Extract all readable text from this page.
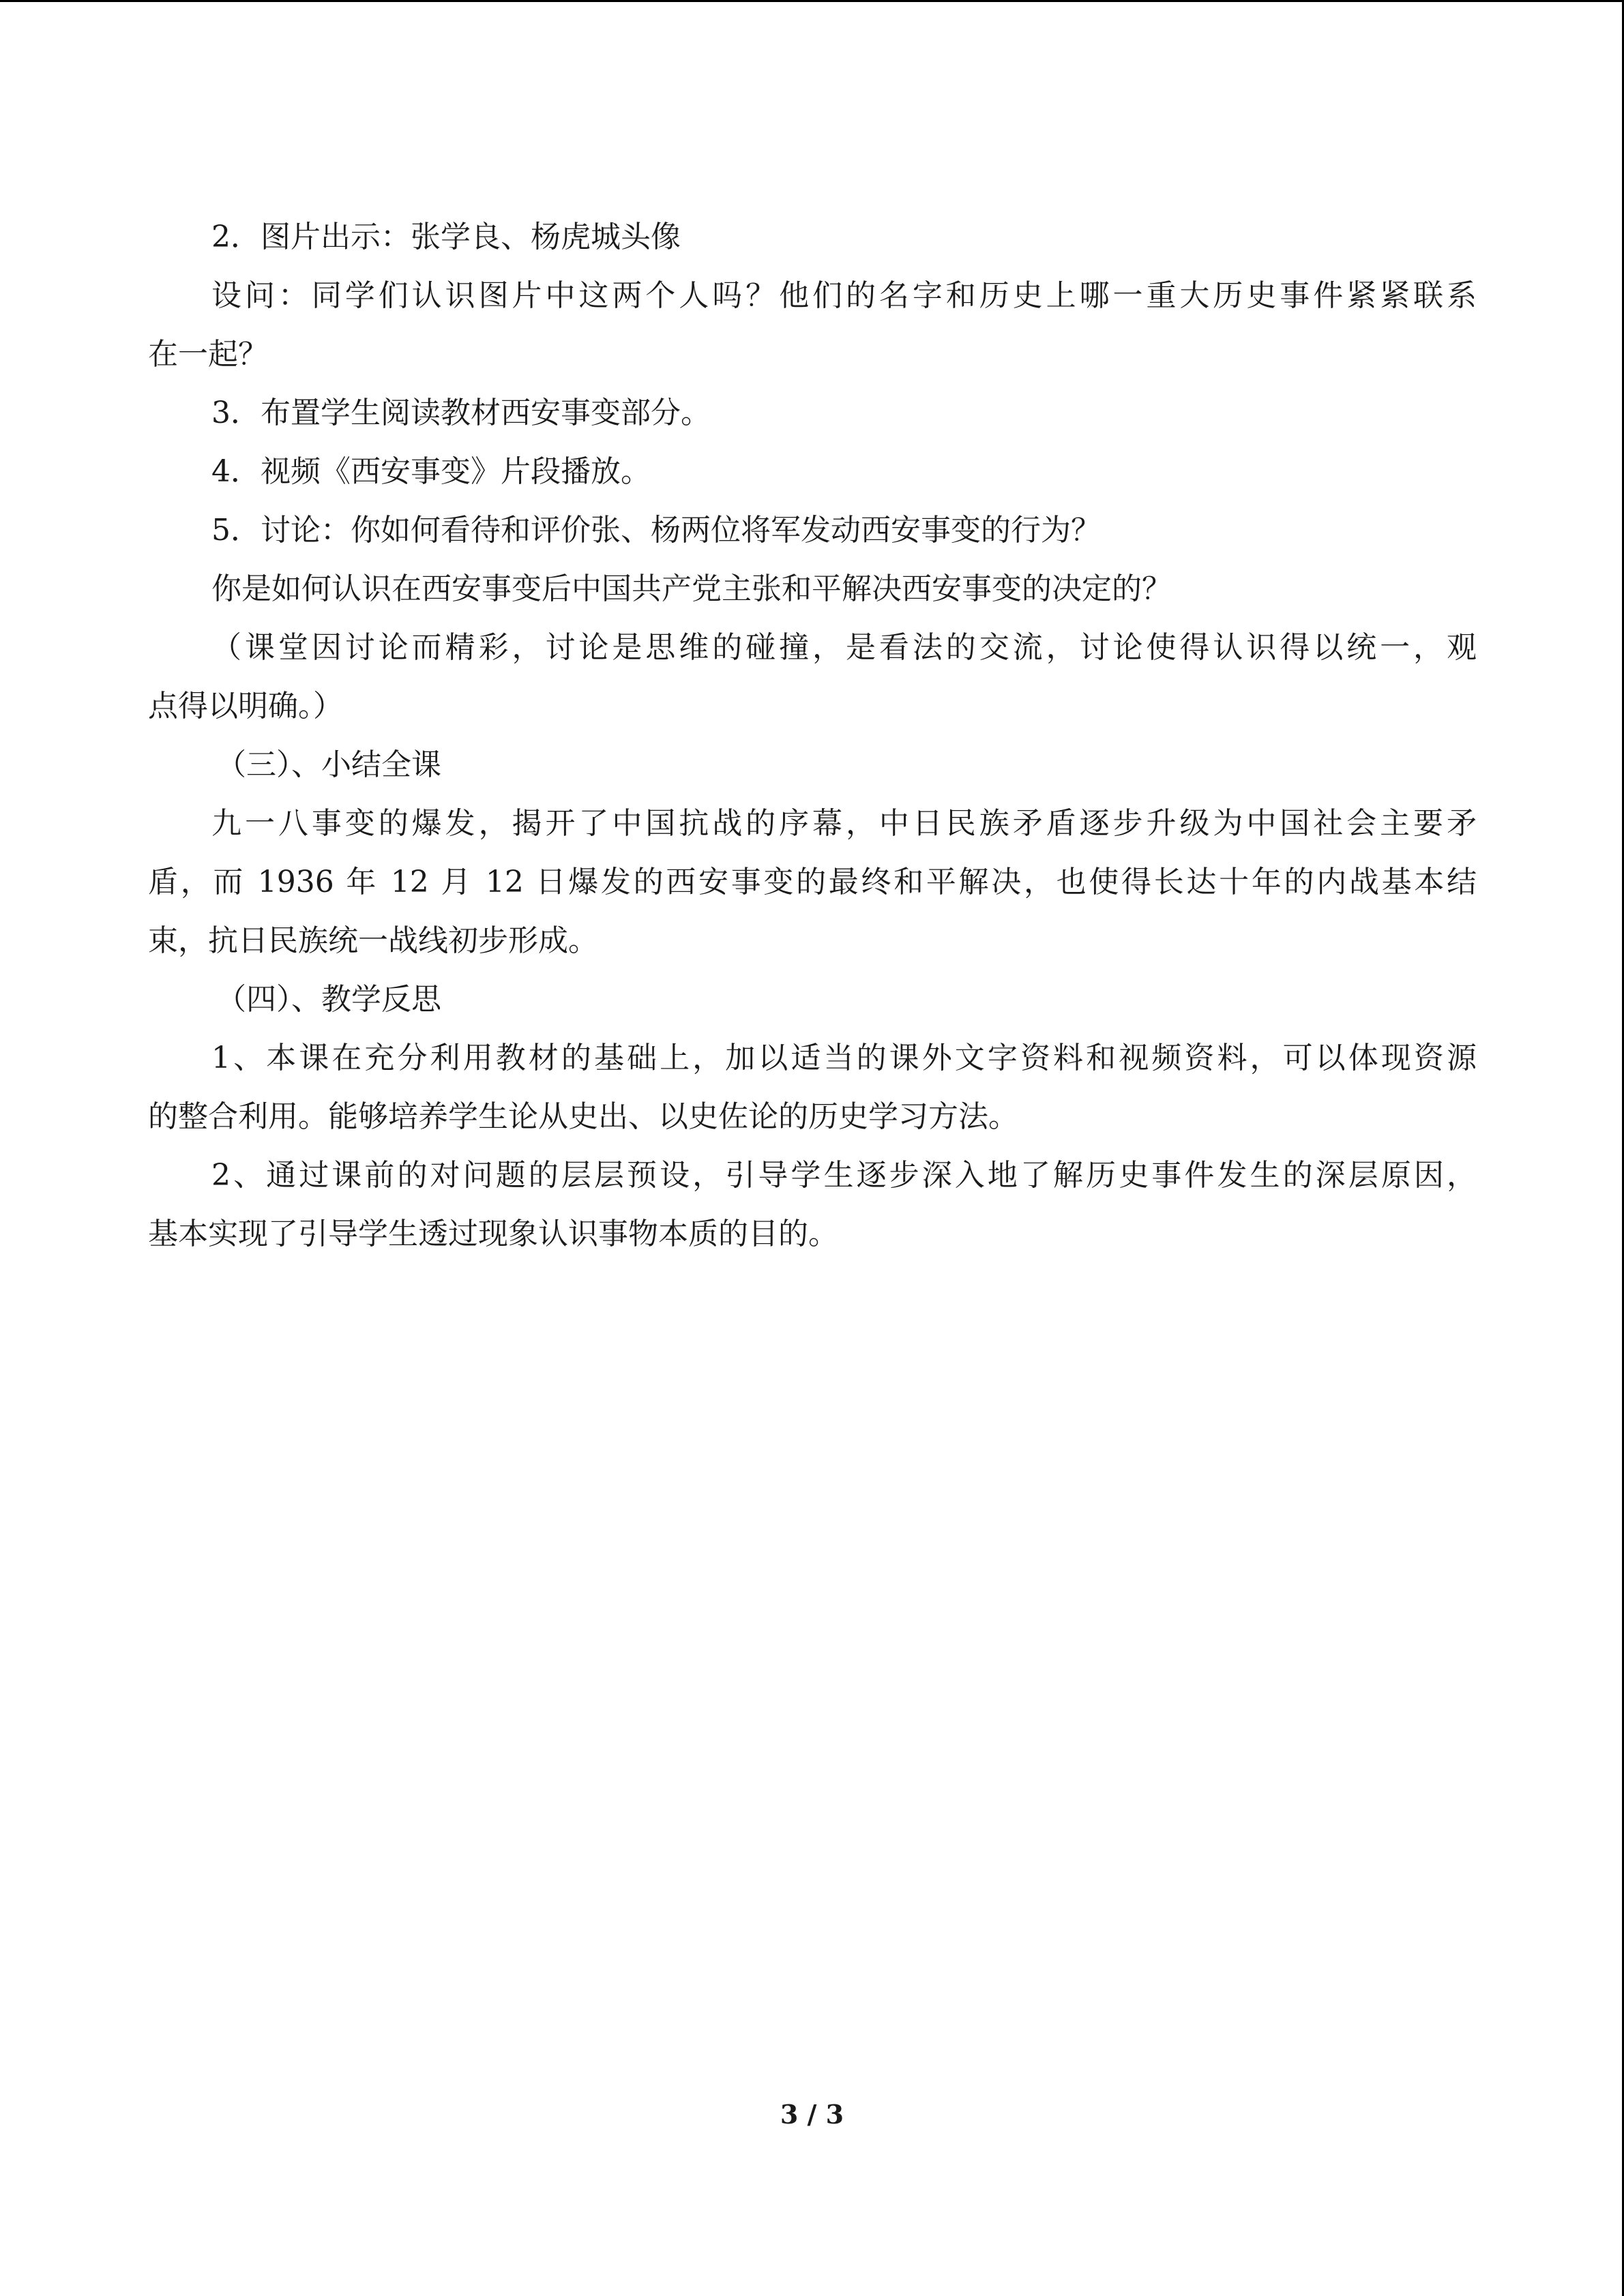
2．图片出示：张学良、杨虎城头像

设问：同学们认识图片中这两个人吗？他们的名字和历史上哪一重大历史事件紧紧联系

在一起？

3．布置学生阅读教材西安事变部分。

4．视频《西安事变》片段播放。

5．讨论：你如何看待和评价张、杨两位将军发动西安事变的行为？

你是如何认识在西安事变后中国共产党主张和平解决西安事变的决定的？

（课堂因讨论而精彩，讨论是思维的碰撞，是看法的交流，讨论使得认识得以统一，观

点得以明确。）

（三）、小结全课

九一八事变的爆发，揭开了中国抗战的序幕，中日民族矛盾逐步升级为中国社会主要矛

盾，而 1936 年 12 月 12 日爆发的西安事变的最终和平解决，也使得长达十年的内战基本结

束，抗日民族统一战线初步形成。

（四）、教学反思

1、本课在充分利用教材的基础上，加以适当的课外文字资料和视频资料，可以体现资源

的整合利用。能够培养学生论从史出、以史佐论的历史学习方法。

2、通过课前的对问题的层层预设，引导学生逐步深入地了解历史事件发生的深层原因，

基本实现了引导学生透过现象认识事物本质的目的。

3 / 3
